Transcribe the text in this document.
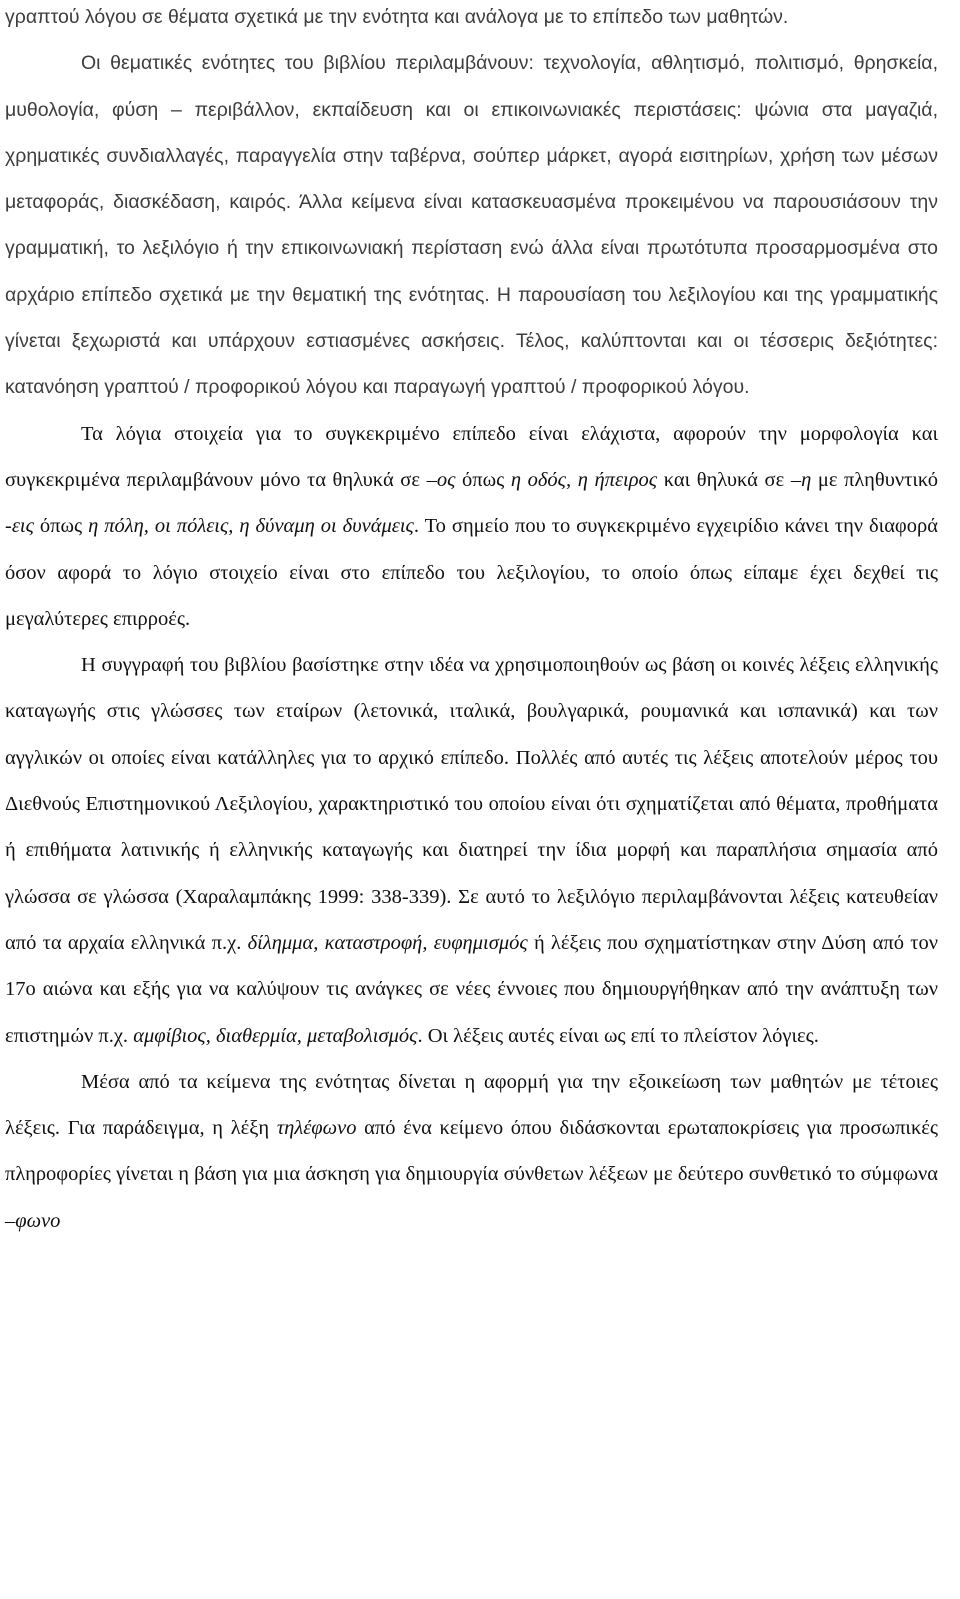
γραπτού λόγου σε θέματα σχετικά με την ενότητα και ανάλογα με το επίπεδο των μαθητών.

Οι θεματικές ενότητες του βιβλίου περιλαμβάνουν: τεχνολογία, αθλητισμό, πολιτισμό, θρησκεία, μυθολογία, φύση – περιβάλλον, εκπαίδευση και οι επικοινωνιακές περιστάσεις: ψώνια στα μαγαζιά, χρηματικές συνδιαλλαγές, παραγγελία στην ταβέρνα, σούπερ μάρκετ, αγορά εισιτηρίων, χρήση των μέσων μεταφοράς, διασκέδαση, καιρός. Άλλα κείμενα είναι κατασκευασμένα προκειμένου να παρουσιάσουν την γραμματική, το λεξιλόγιο ή την επικοινωνιακή περίσταση ενώ άλλα είναι πρωτότυπα προσαρμοσμένα στο αρχάριο επίπεδο σχετικά με την θεματική της ενότητας. Η παρουσίαση του λεξιλογίου και της γραμματικής γίνεται ξεχωριστά και υπάρχουν εστιασμένες ασκήσεις. Τέλος, καλύπτονται και οι τέσσερις δεξιότητες: κατανόηση γραπτού / προφορικού λόγου και παραγωγή γραπτού / προφορικού λόγου.

Τα λόγια στοιχεία για το συγκεκριμένο επίπεδο είναι ελάχιστα, αφορούν την μορφολογία και συγκεκριμένα περιλαμβάνουν μόνο τα θηλυκά σε –ος όπως η οδός, η ήπειρος και θηλυκά σε –η με πληθυντικό -εις όπως η πόλη, οι πόλεις, η δύναμη οι δυνάμεις. Το σημείο που το συγκεκριμένο εγχειρίδιο κάνει την διαφορά όσον αφορά το λόγιο στοιχείο είναι στο επίπεδο του λεξιλογίου, το οποίο όπως είπαμε έχει δεχθεί τις μεγαλύτερες επιρροές.

Η συγγραφή του βιβλίου βασίστηκε στην ιδέα να χρησιμοποιηθούν ως βάση οι κοινές λέξεις ελληνικής καταγωγής στις γλώσσες των εταίρων (λετονικά, ιταλικά, βουλγαρικά, ρουμανικά και ισπανικά) και των αγγλικών οι οποίες είναι κατάλληλες για το αρχικό επίπεδο. Πολλές από αυτές τις λέξεις αποτελούν μέρος του Διεθνούς Επιστημονικού Λεξιλογίου, χαρακτηριστικό του οποίου είναι ότι σχηματίζεται από θέματα, προθήματα ή επιθήματα λατινικής ή ελληνικής καταγωγής και διατηρεί την ίδια μορφή και παραπλήσια σημασία από γλώσσα σε γλώσσα (Χαραλαμπάκης 1999: 338-339). Σε αυτό το λεξιλόγιο περιλαμβάνονται λέξεις κατευθείαν από τα αρχαία ελληνικά π.χ. δίλημμα, καταστροφή, ευφημισμός ή λέξεις που σχηματίστηκαν στην Δύση από τον 17ο αιώνα και εξής για να καλύψουν τις ανάγκες σε νέες έννοιες που δημιουργήθηκαν από την ανάπτυξη των επιστημών π.χ. αμφίβιος, διαθερμία, μεταβολισμός. Οι λέξεις αυτές είναι ως επί το πλείστον λόγιες.

Μέσα από τα κείμενα της ενότητας δίνεται η αφορμή για την εξοικείωση των μαθητών με τέτοιες λέξεις. Για παράδειγμα, η λέξη τηλέφωνο από ένα κείμενο όπου διδάσκονται ερωταποκρίσεις για προσωπικές πληροφορίες γίνεται η βάση για μια άσκηση για δημιουργία σύνθετων λέξεων με δεύτερο συνθετικό το σύμφωνα –φωνο
